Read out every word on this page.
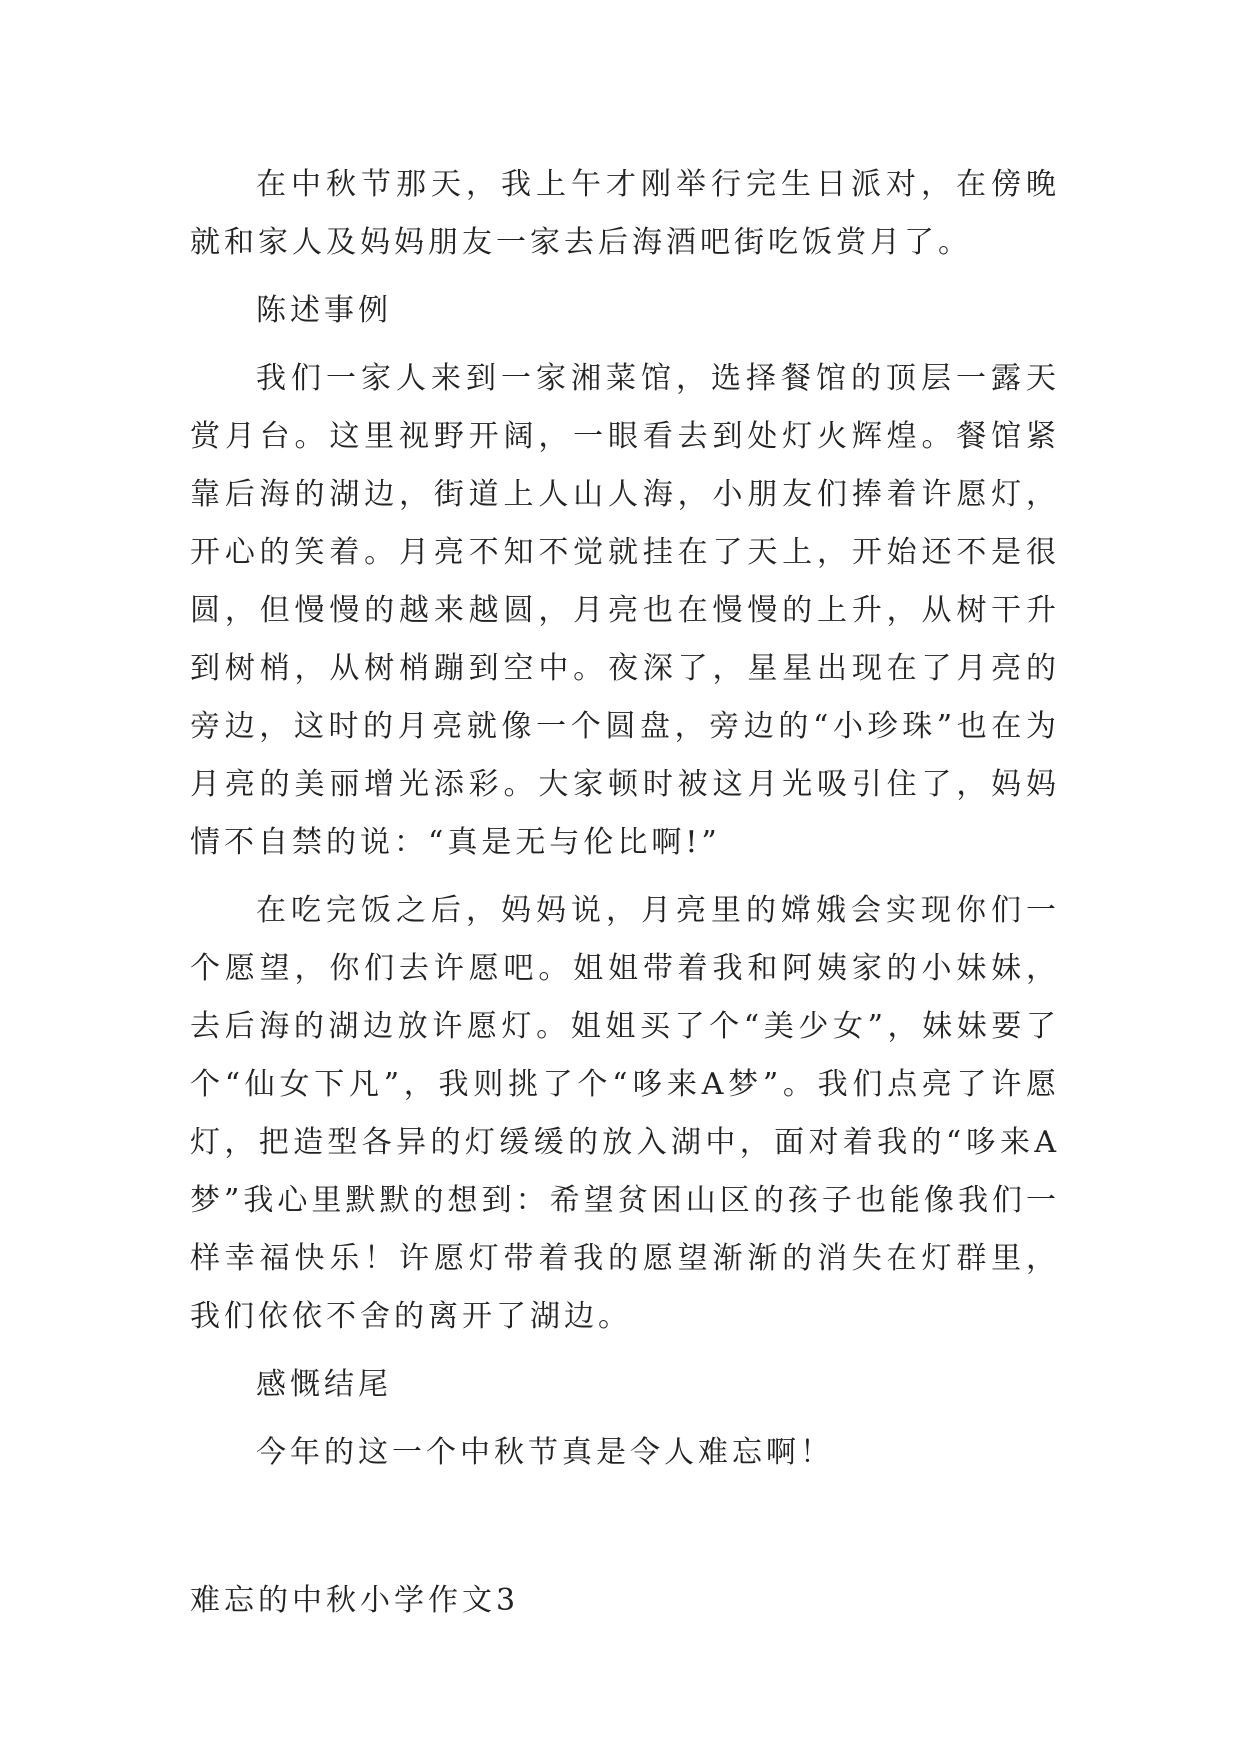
在中秋节那天，我上午才刚举行完生日派对，在傍晚就和家人及妈妈朋友一家去后海酒吧街吃饭赏月了。

陈述事例

我们一家人来到一家湘菜馆，选择餐馆的顶层一露天赏月台。这里视野开阔，一眼看去到处灯火辉煌。餐馆紧靠后海的湖边，街道上人山人海，小朋友们捧着许愿灯，开心的笑着。月亮不知不觉就挂在了天上，开始还不是很圆，但慢慢的越来越圆，月亮也在慢慢的上升，从树干升到树梢，从树梢蹦到空中。夜深了，星星出现在了月亮的旁边，这时的月亮就像一个圆盘，旁边的“小珍珠”也在为月亮的美丽增光添彩。大家顿时被这月光吸引住了，妈妈情不自禁的说：“真是无与伦比啊!”

在吃完饭之后，妈妈说，月亮里的嫦娥会实现你们一个愿望，你们去许愿吧。姐姐带着我和阿姨家的小妹妹，去后海的湖边放许愿灯。姐姐买了个“美少女”，妹妹要了个“仙女下凡”，我则挑了个“哆来A梦”。我们点亮了许愿灯，把造型各异的灯缓缓的放入湖中，面对着我的“哆来A梦”我心里默默的想到：希望贫困山区的孩子也能像我们一样幸福快乐！许愿灯带着我的愿望渐渐的消失在灯群里，我们依依不舍的离开了湖边。

感慨结尾

今年的这一个中秋节真是令人难忘啊！

难忘的中秋小学作文3
